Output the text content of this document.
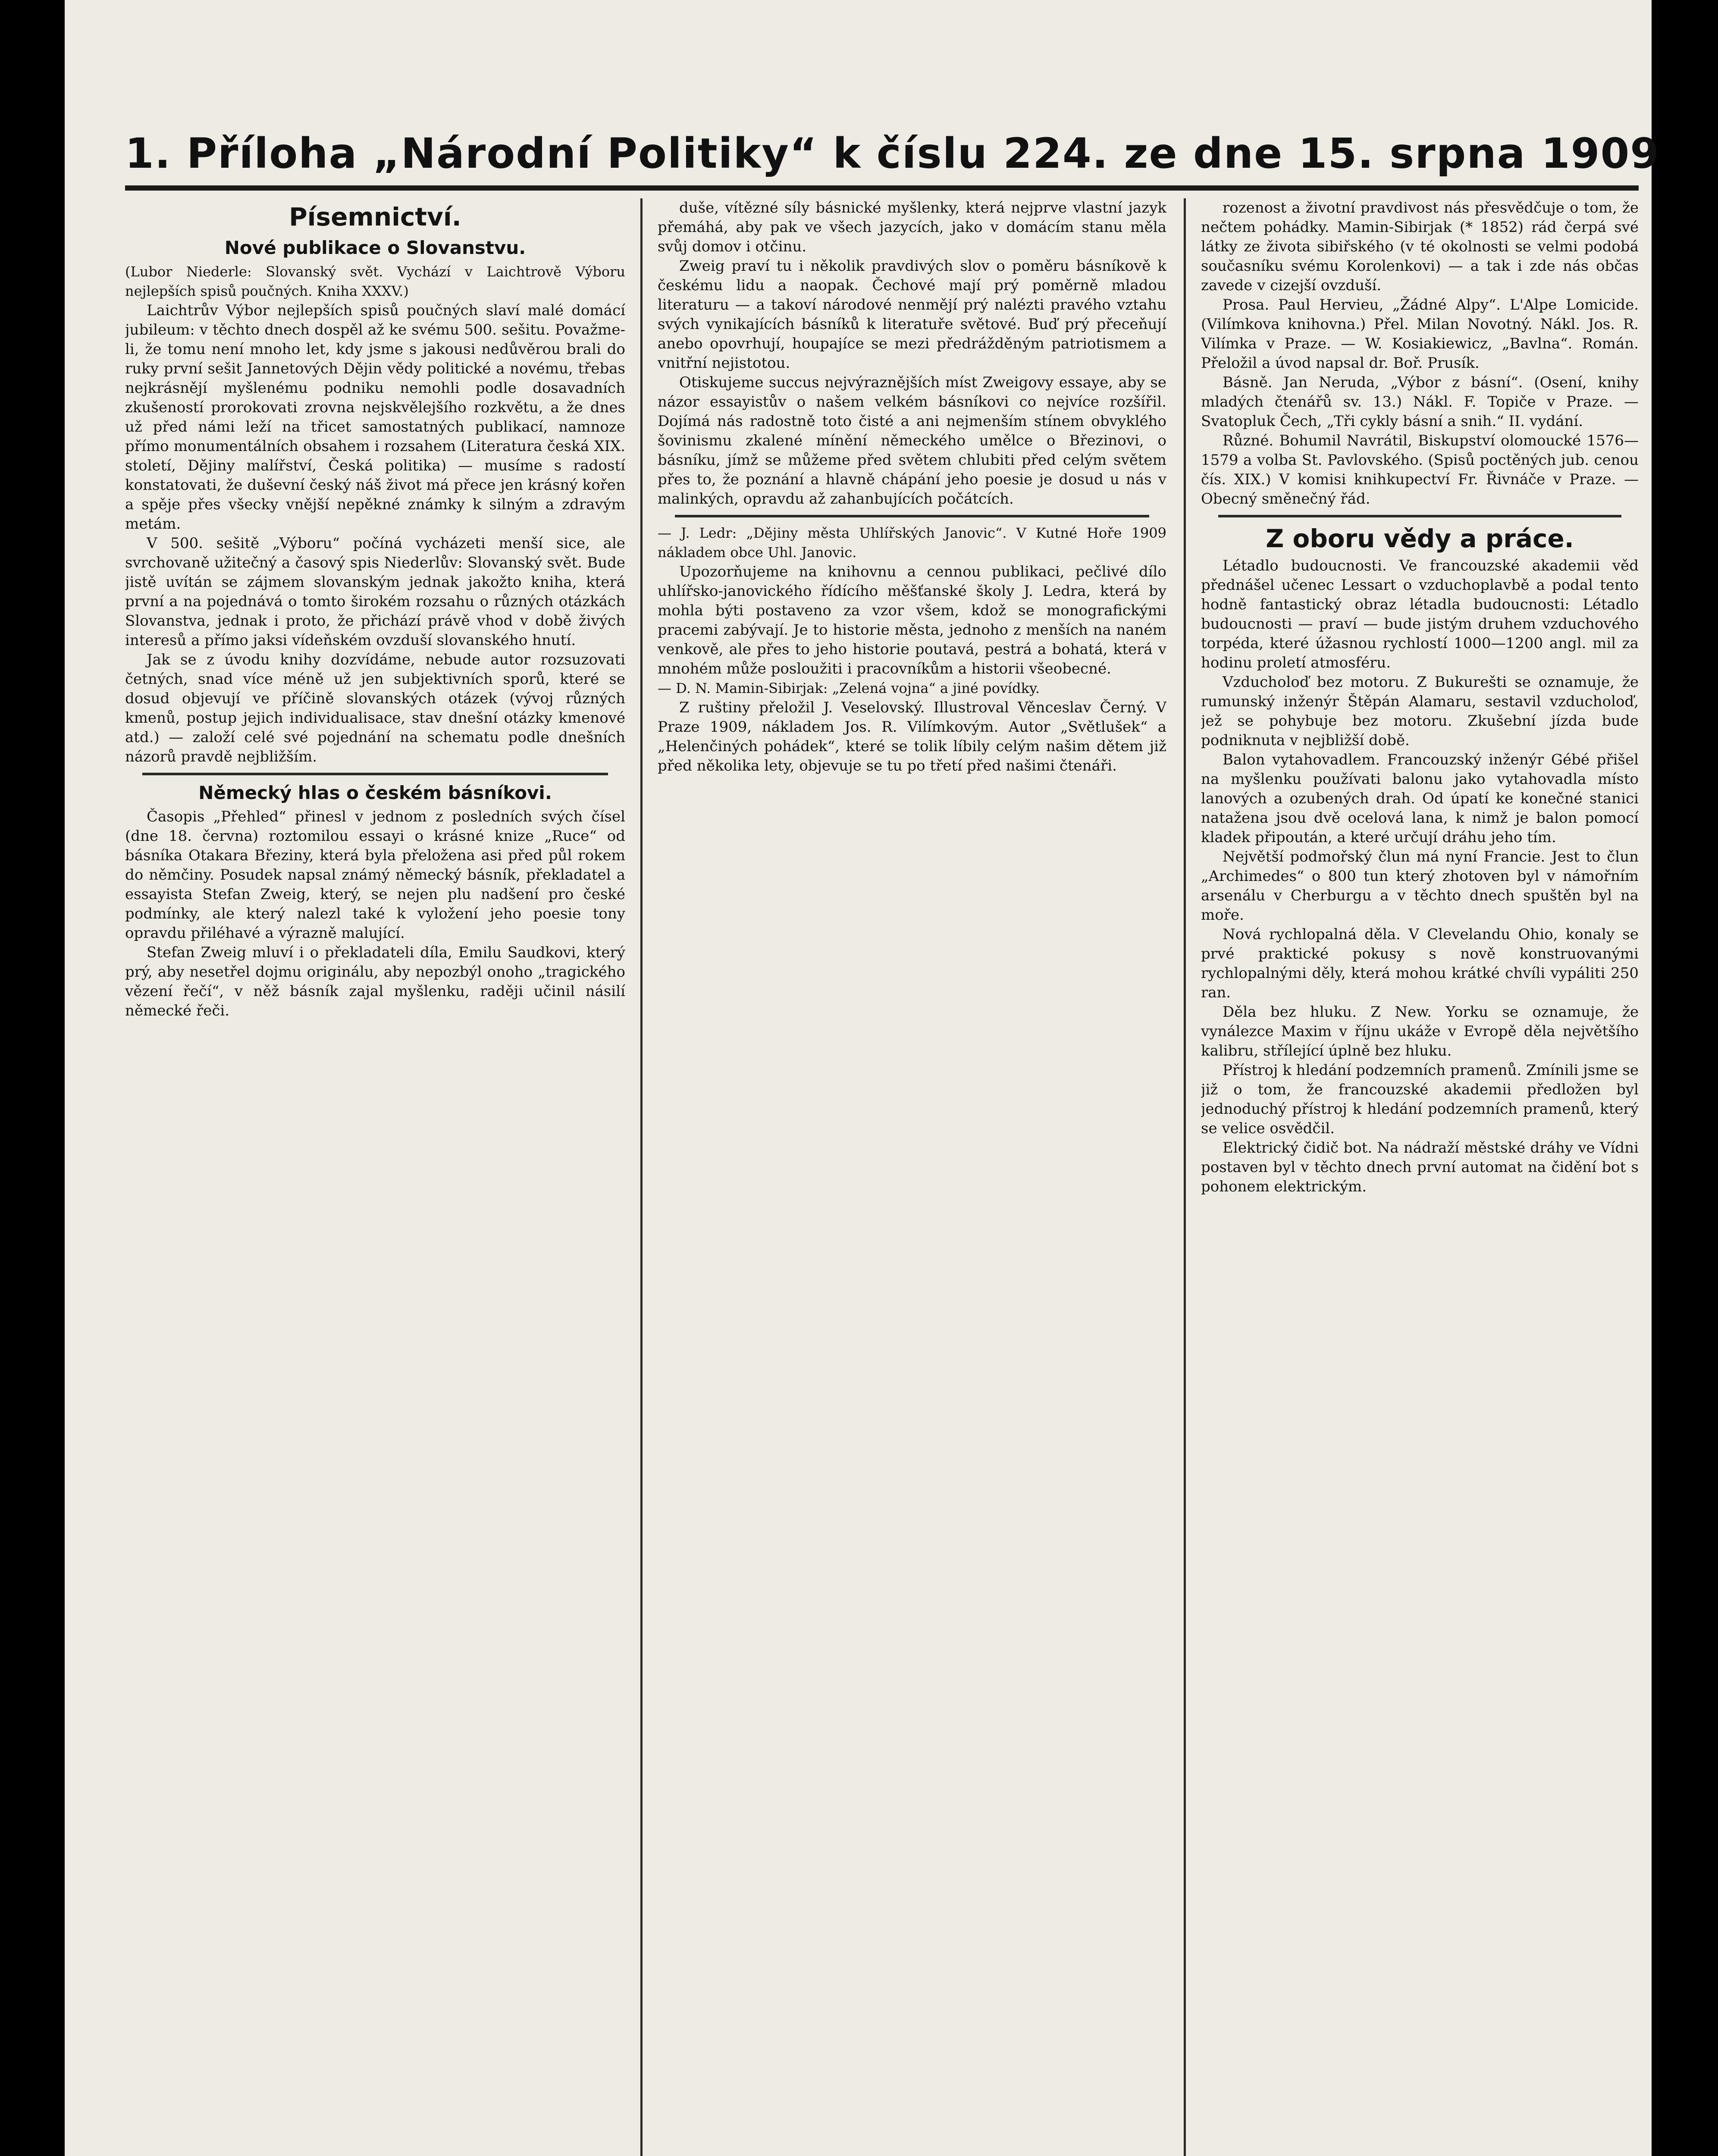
1. Příloha „Národní Politiky“ k číslu 224. ze dne 15. srpna 1909
Písemnictví.
Nové publikace o Slovanstvu.

(Lubor Niederle: Slovanský svět. Vychází v Laichtrově Výboru nejlepších spisů poučných. Kniha XXXV.)

Laichtrův Výbor nejlepších spisů poučných slaví malé domácí jubileum: v těchto dnech dospěl až ke svému 500. sešitu. Považme-li, že tomu není mnoho let, kdy jsme s jakousi nedůvěrou brali do ruky první sešit Jannetových Dějin vědy politické a novému, třebas nejkrásnějí myšlenému podniku nemohli podle dosavadních zkušeností prorokovati zrovna nejskvělejšího rozkvětu, a že dnes už před námi leží na třicet samostatných publikací, namnoze přímo monumentálních obsahem i rozsahem (Literatura česká XIX. století, Dějiny malířství, Česká politika) — musíme s radostí konstatovati, že duševní český náš život má přece jen krásný kořen a spěje přes všecky vnější nepěkné známky k silným a zdravým metám.

V 500. sešitě „Výboru“ počíná vycházeti menší sice, ale svrchovaně užitečný a časový spis Niederlův: Slovanský svět. Bude jistě uvítán se zájmem slovanským jednak jakožto kniha, která první a na pojednává o tomto širokém rozsahu o různých otázkách Slovanstva, jednak i proto, že přichází právě vhod v době živých interesů a přímo jaksi vídeňském ovzduší slovanského hnutí.

Jak se z úvodu knihy dozvídáme, nebude autor rozsuzovati četných, snad více méně už jen subjektivních sporů, které se dosud objevují ve příčině slovanských otázek (vývoj různých kmenů, postup jejich individualisace, stav dnešní otázky kmenové atd.) — založí celé své pojednání na schematu podle dnešních názorů pravdě nejbližším.

Německý hlas o českém básníkovi.

Časopis „Přehled“ přinesl v jednom z posledních svých čísel (dne 18. června) roztomilou essayi o krásné knize „Ruce“ od básníka Otakara Březiny, která byla přeložena asi před půl rokem do němčiny. Posudek napsal známý německý básník, překladatel a essayista Stefan Zweig, který, se nejen plu nadšení pro české podmínky, ale který nalezl také k vyložení jeho poesie tony opravdu přiléhavé a výrazně malující.

Stefan Zweig mluví i o překladateli díla, Emilu Saudkovi, který prý, aby nesetřel dojmu originálu, aby nepozbýl onoho „tragického vězení řečí“, v něž básník zajal myšlenku, raději učinil násilí německé řeči.

duše, vítězné síly básnické myšlenky, která nejprve vlastní jazyk přemáhá, aby pak ve všech jazycích, jako v domácím stanu měla svůj domov i otčinu.

Zweig praví tu i několik pravdivých slov o poměru básníkově k českému lidu a naopak. Čechové mají prý poměrně mladou literaturu — a takoví národové nenmějí prý nalézti pravého vztahu svých vynikajících básníků k literatuře světové. Buď prý přeceňují anebo opovrhují, houpajíce se mezi předrážděným patriotismem a vnitřní nejistotou.

Otiskujeme succus nejvýraznějších míst Zweigovy essaye, aby se názor essayistův o našem velkém básníkovi co nejvíce rozšířil. Dojímá nás radostně toto čisté a ani nejmenším stínem obvyklého šovinismu zkalené mínění německého umělce o Březinovi, o básníku, jímž se můžeme před světem chlubiti před celým světem přes to, že poznání a hlavně chápání jeho poesie je dosud u nás v malinkých, opravdu až zahanbujících počátcích.

— J. Ledr: „Dějiny města Uhlířských Janovic“. V Kutné Hoře 1909 nákladem obce Uhl. Janovic.

Upozorňujeme na knihovnu a cennou publikaci, pečlivé dílo uhlířsko-janovického řídícího měšťanské školy J. Ledra, která by mohla býti postaveno za vzor všem, kdož se monografickými pracemi zabývají. Je to historie města, jednoho z menších na naném venkově, ale přes to jeho historie poutavá, pestrá a bohatá, která v mnohém může posloužiti i pracovníkům a historii všeobecné.

— D. N. Mamin-Sibirjak: „Zelená vojna“ a jiné povídky.

Z ruštiny přeložil J. Veselovský. Illustroval Věnceslav Černý. V Praze 1909, nákladem Jos. R. Vilímkovým. Autor „Světlušek“ a „Helenčiných pohádek“, které se tolik líbily celým našim dětem již před několika lety, objevuje se tu po třetí před našimi čtenáři.

rozenost a životní pravdivost nás přesvědčuje o tom, že nečtem pohádky. Mamin-Sibirjak (* 1852) rád čerpá své látky ze života sibiřského (v té okolnosti se velmi podobá současníku svému Korolenkovi) — a tak i zde nás občas zavede v cizejší ovzduší.

Prosa. Paul Hervieu, „Žádné Alpy“. L'Alpe Lomicide. (Vilímkova knihovna.) Přel. Milan Novotný. Nákl. Jos. R. Vilímka v Praze. — W. Kosiakiewicz, „Bavlna“. Román. Přeložil a úvod napsal dr. Boř. Prusík.

Básně. Jan Neruda, „Výbor z básní“. (Osení, knihy mladých čtenářů sv. 13.) Nákl. F. Topiče v Praze. — Svatopluk Čech, „Tři cykly básní a snih.“ II. vydání.

Různé. Bohumil Navrátil, Biskupství olomoucké 1576—1579 a volba St. Pavlovského. (Spisů poctěných jub. cenou čís. XIX.) V komisi knihkupectví Fr. Řivnáče v Praze. — Obecný směnečný řád.

Z oboru vědy a práce.

Létadlo budoucnosti. Ve francouzské akademii věd přednášel učenec Lessart o vzduchoplavbě a podal tento hodně fantastický obraz létadla budoucnosti: Létadlo budoucnosti — praví — bude jistým druhem vzduchového torpéda, které úžasnou rychlostí 1000—1200 angl. mil za hodinu proletí atmosféru.

Vzducholoď bez motoru. Z Bukurešti se oznamuje, že rumunský inženýr Štěpán Alamaru, sestavil vzducholoď, jež se pohybuje bez motoru. Zkušební jízda bude podniknuta v nejbližší době.

Balon vytahovadlem. Francouzský inženýr Gébé přišel na myšlenku používati balonu jako vytahovadla místo lanových a ozubených drah. Od úpatí ke konečné stanici natažena jsou dvě ocelová lana, k nimž je balon pomocí kladek připoután, a které určují dráhu jeho tím.

Největší podmořský člun má nyní Francie. Jest to člun „Archimedes“ o 800 tun který zhotoven byl v námořním arsenálu v Cherburgu a v těchto dnech spuštěn byl na moře.

Nová rychlopalná děla. V Clevelandu Ohio, konaly se prvé praktické pokusy s nově konstruovanými rychlopalnými děly, která mohou krátké chvíli vypáliti 250 ran.

Děla bez hluku. Z New. Yorku se oznamuje, že vynálezce Maxim v říjnu ukáže v Evropě děla největšího kalibru, střílející úplně bez hluku.

Přístroj k hledání podzemních pramenů. Zmínili jsme se již o tom, že francouzské akademii předložen byl jednoduchý přístroj k hledání podzemních pramenů, který se velice osvědčil.

Elektrický čidič bot. Na nádraží městské dráhy ve Vídni postaven byl v těchto dnech první automat na čidění bot s pohonem elektrickým.
